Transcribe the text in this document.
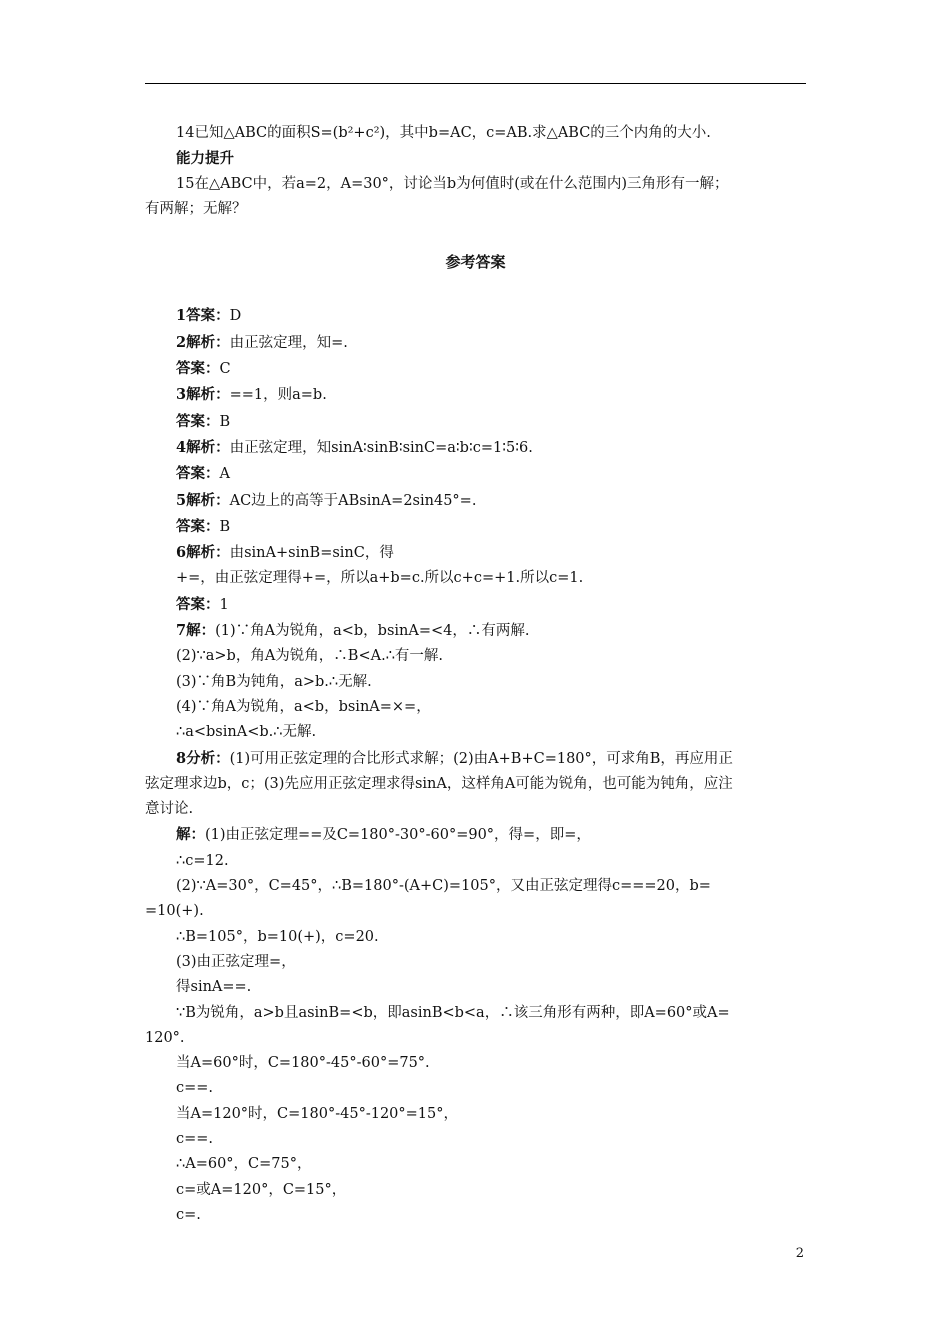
14已知△ABC的面积S=(b²+c²)，其中b=AC，c=AB.求△ABC的三个内角的大小.

能力提升

15在△ABC中，若a=2，A=30°，讨论当b为何值时(或在什么范围内)三角形有一解；

有两解；无解？

参考答案

1答案：D

2解析：由正弦定理，知=.

答案：C

3解析：==1，则a=b.

答案：B

4解析：由正弦定理，知sinA∶sinB∶sinC=a∶b∶c=1∶5∶6.

答案：A

5解析：AC边上的高等于ABsinA=2sin45°=.

答案：B

6解析：由sinA+sinB=sinC，得

+=，由正弦定理得+=，所以a+b=c.所以c+c=+1.所以c=1.

答案：1

7解：(1)∵角A为锐角，a<b，bsinA=<4，∴有两解.

(2)∵a>b，角A为锐角，∴B<A.∴有一解.

(3)∵角B为钝角，a>b.∴无解.

(4)∵角A为锐角，a<b，bsinA=×=，

∴a<bsinA<b.∴无解.

8分析：(1)可用正弦定理的合比形式求解；(2)由A+B+C=180°，可求角B，再应用正

弦定理求边b，c；(3)先应用正弦定理求得sinA，这样角A可能为锐角，也可能为钝角，应注

意讨论.

解：(1)由正弦定理==及C=180°-30°-60°=90°，得=，即=，

∴c=12.

(2)∵A=30°，C=45°，∴B=180°-(A+C)=105°，又由正弦定理得c===20，b=

=10(+).

∴B=105°，b=10(+)，c=20.

(3)由正弦定理=，

得sinA==.

∵B为锐角，a>b且asinB=<b，即asinB<b<a，∴该三角形有两种，即A=60°或A=

120°.

当A=60°时，C=180°-45°-60°=75°.

c==.

当A=120°时，C=180°-45°-120°=15°，

c==.

∴A=60°，C=75°，

c=或A=120°，C=15°，

c=.

2
